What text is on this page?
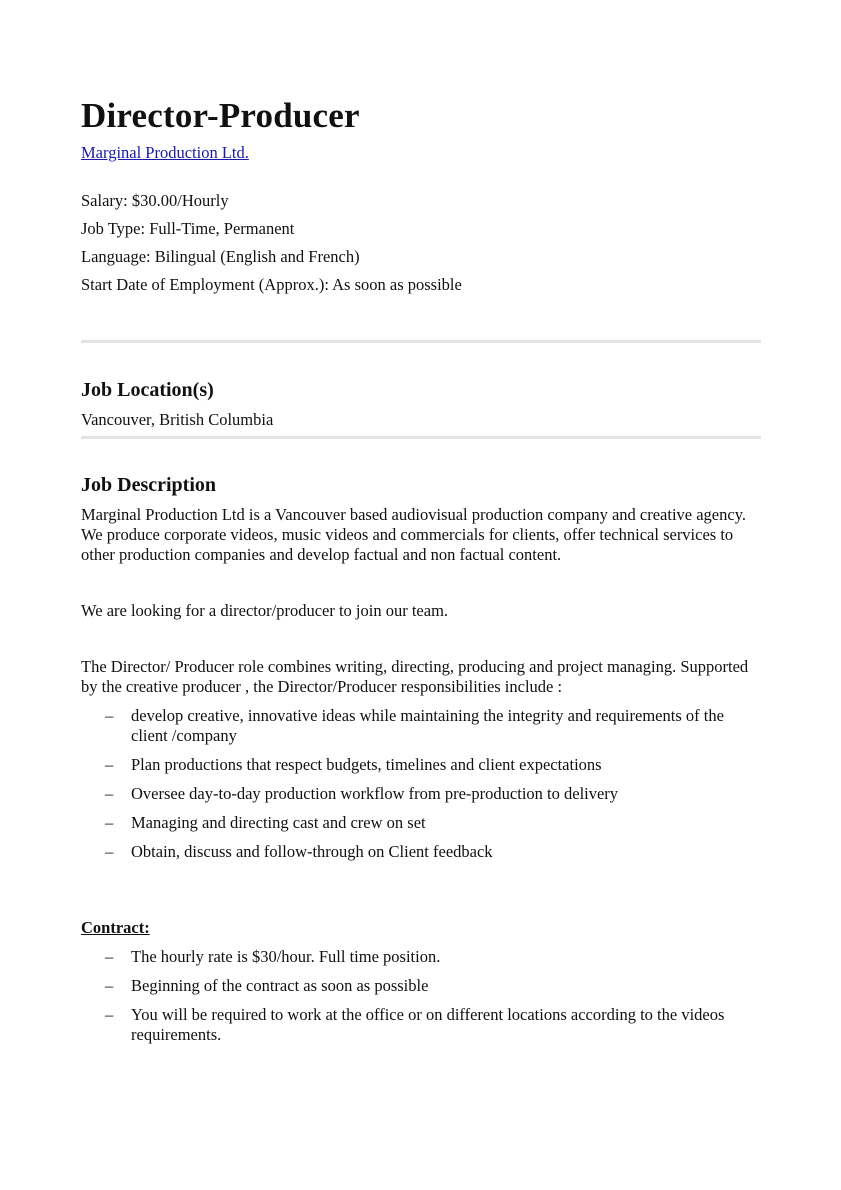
Director-Producer
Marginal Production Ltd.
Salary: $30.00/Hourly
Job Type: Full-Time, Permanent
Language: Bilingual (English and French)
Start Date of Employment (Approx.): As soon as possible
Job Location(s)
Vancouver, British Columbia
Job Description
Marginal Production Ltd is a Vancouver based audiovisual production company and creative agency. We produce corporate videos, music videos and commercials for clients, offer technical services to other production companies and develop factual and non factual content.
We are looking for a director/producer to join our team.
The Director/ Producer role combines writing, directing, producing and project managing. Supported by the creative producer , the Director/Producer responsibilities include :
– develop creative, innovative ideas while maintaining the integrity and requirements of the client /company
– Plan productions that respect budgets, timelines and client expectations
– Oversee day-to-day production workflow from pre-production to delivery
– Managing and directing cast and crew on set
– Obtain, discuss and follow-through on Client feedback
Contract:
– The hourly rate is $30/hour. Full time position.
– Beginning of the contract as soon as possible
– You will be required to work at the office or on different locations according to the videos requirements.
